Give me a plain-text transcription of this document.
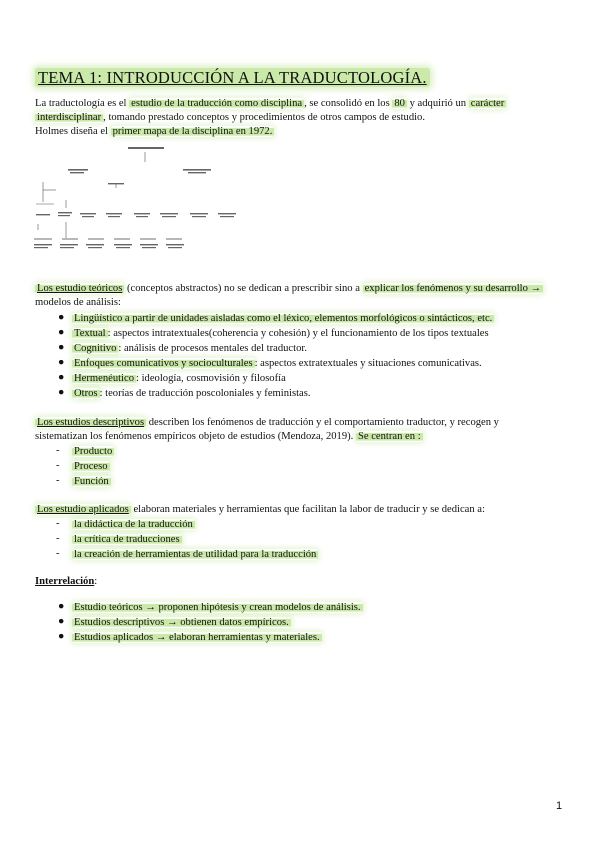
TEMA 1: INTRODUCCIÓN A LA TRADUCTOLOGÍA.
La traductología es el estudio de la traducción como disciplina , se consolidó en los 80 y adquirió un carácter
interdisciplinar , tomando prestado conceptos y procedimientos de otros campos de estudio.
Holmes diseña el primer mapa de la disciplina en 1972.
Los estudio teóricos (conceptos abstractos) no se dedican a prescribir sino a explicar los fenómenos y su desarrollo →
modelos de análisis:
● Lingüístico a partir de unidades aisladas como el léxico, elementos morfológicos o sintácticos, etc.
● Textual : aspectos intratextuales(coherencia y cohesión) y el funcionamiento de los tipos textuales
● Cognitivo : análisis de procesos mentales del traductor.
● Enfoques comunicativos y socioculturales : aspectos extratextuales y situaciones comunicativas.
● Hermenéutico : ideología, cosmovisión y filosofía
● Otros : teorías de traducción poscoloniales y feministas.
Los estudios descriptivos describen los fenómenos de traducción y el comportamiento traductor, y recogen y
sistematizan los fenómenos empíricos objeto de estudios (Mendoza, 2019). Se centran en :
- Producto
- Proceso
- Función
Los estudio aplicados elaboran materiales y herramientas que facilitan la labor de traducir y se dedican a:
- la didáctica de la traducción
- la crítica de traducciones
- la creación de herramientas de utilidad para la traducción
Interrelación:
● Estudio teóricos → proponen hipótesis y crean modelos de análisis.
● Estudios descriptivos → obtienen datos empíricos.
● Estudios aplicados → elaboran herramientas y materiales.
1
